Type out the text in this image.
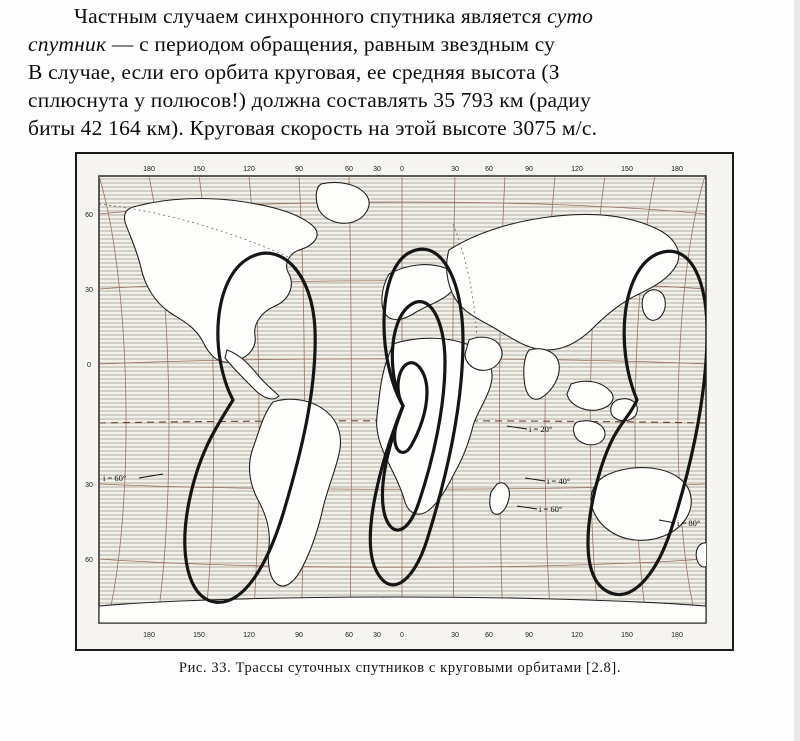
Частным случаем синхронного спутника является суто

спутник — с периодом обращения, равным звездным су

В случае, если его орбита круговая, ее средняя высота (З

сплюснута у полюсов!) должна составлять 35 793 км (радиу

биты 42 164 км). Круговая скорость на этой высоте 3075 м/с.

180	150	120	90	60	30	0	30	60	90	120	150	180
180	150	120	90	60	30	0	30	60	90	120	150	180
60
30
0
30
60
i = 20°
i = 40°
i = 60°
i = 60°
i = 80°
Рис. 33. Трассы суточных спутников с круговыми орбитами [2.8].
